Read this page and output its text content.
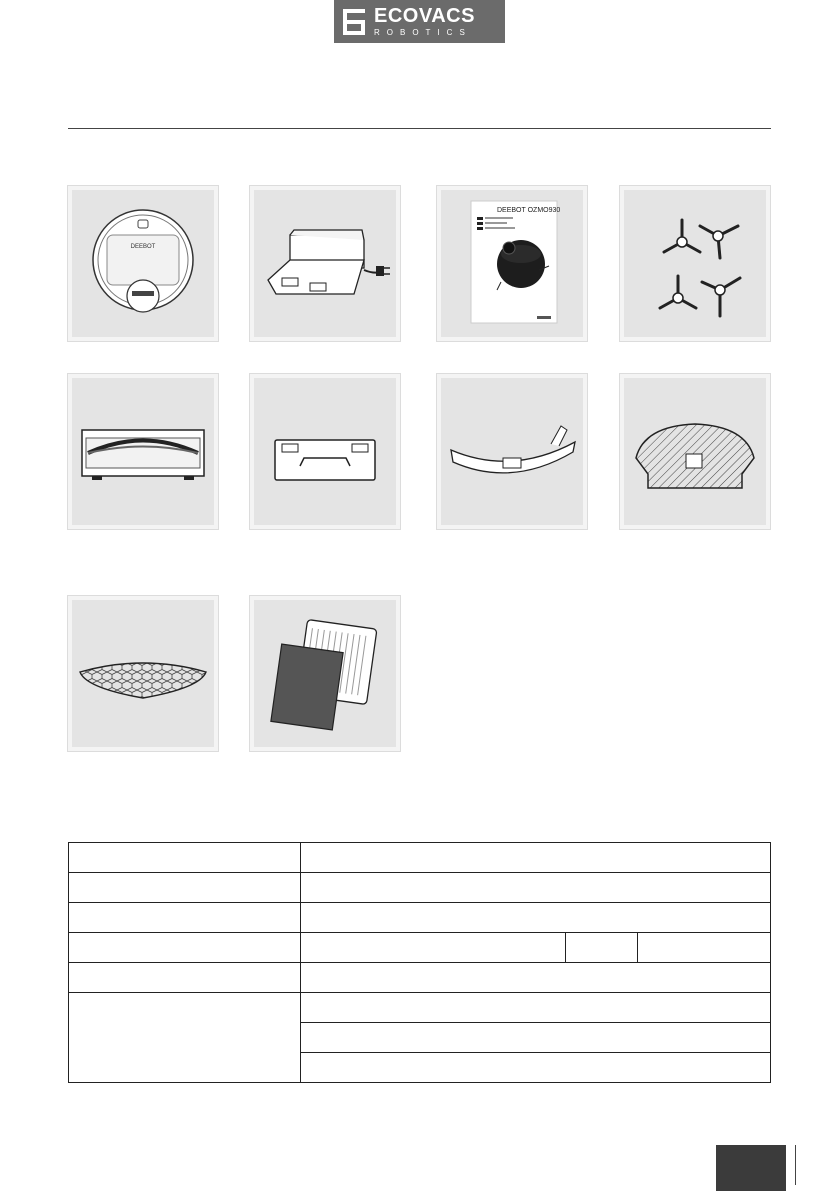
ECOVACS
ROBOTICS
DEEBOT
DEEBOT OZMO930
